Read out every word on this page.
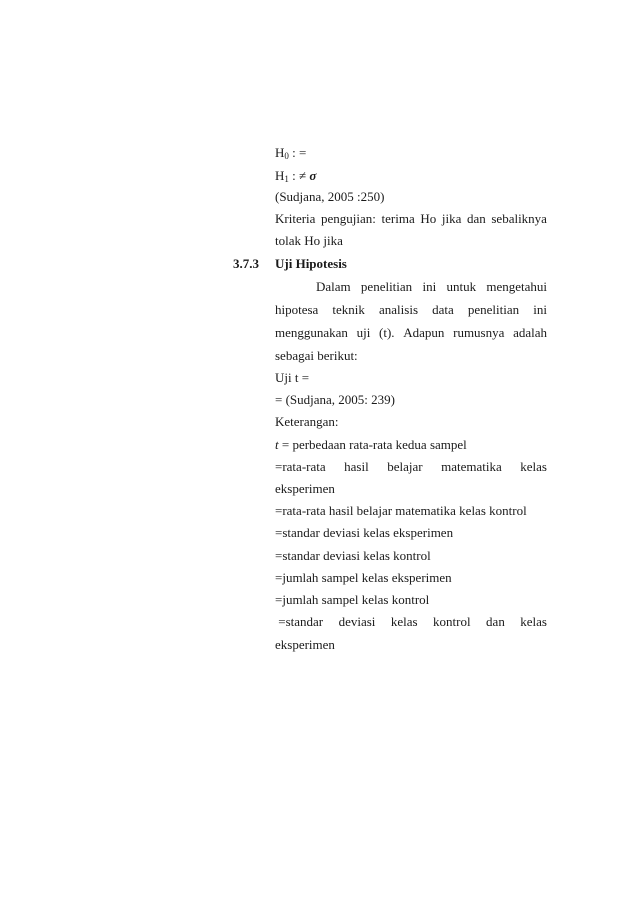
$H_0$ : =
$H_1$ : ≠ σ
(Sudjana, 2005 :250)
Kriteria pengujian: terima Ho jika dan sebaliknya
tolak Ho jika
3.7.3 Uji Hipotesis
Dalam penelitian ini untuk mengetahui
hipotesa teknik analisis data penelitian ini
menggunakan uji (t). Adapun rumusnya adalah
sebagai berikut:
Uji t =
= (Sudjana, 2005: 239)
Keterangan:
t = perbedaan rata-rata kedua sampel
=rata-rata hasil belajar matematika kelas
eksperimen
=rata-rata hasil belajar matematika kelas kontrol
=standar deviasi kelas eksperimen
=standar deviasi kelas kontrol
=jumlah sampel kelas eksperimen
=jumlah sampel kelas kontrol
=standar deviasi kelas kontrol dan kelas
eksperimen
